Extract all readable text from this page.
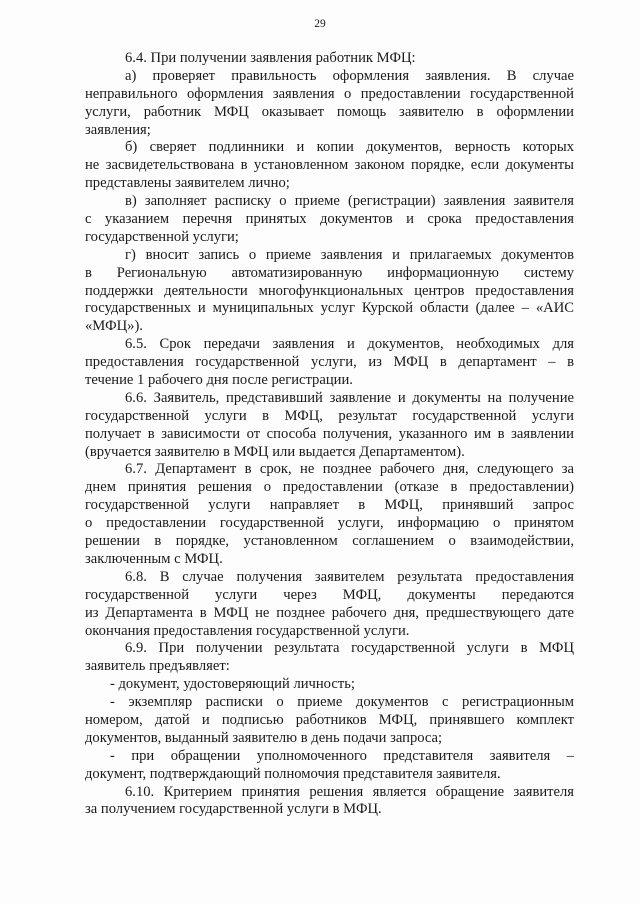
29
6.4. При получении заявления работник МФЦ:
а) проверяет правильность оформления заявления. В случае
неправильного оформления заявления о предоставлении государственной
услуги, работник МФЦ оказывает помощь заявителю в оформлении
заявления;
б) сверяет подлинники и копии документов, верность которых
не засвидетельствована в установленном законом порядке, если документы
представлены заявителем лично;
в) заполняет расписку о приеме (регистрации) заявления заявителя
с указанием перечня принятых документов и срока предоставления
государственной услуги;
г) вносит запись о приеме заявления и прилагаемых документов
в Региональную автоматизированную информационную систему
поддержки деятельности многофункциональных центров предоставления
государственных и муниципальных услуг Курской области (далее – «АИС
«МФЦ»).
6.5. Срок передачи заявления и документов, необходимых для
предоставления государственной услуги, из МФЦ в департамент – в
течение 1 рабочего дня после регистрации.
6.6. Заявитель, представивший заявление и документы на получение
государственной услуги в МФЦ, результат государственной услуги
получает в зависимости от способа получения, указанного им в заявлении
(вручается заявителю в МФЦ или выдается Департаментом).
6.7. Департамент в срок, не позднее рабочего дня, следующего за
днем принятия решения о предоставлении (отказе в предоставлении)
государственной услуги направляет в МФЦ, принявший запрос
о предоставлении государственной услуги, информацию о принятом
решении в порядке, установленном соглашением о взаимодействии,
заключенным с МФЦ.
6.8. В случае получения заявителем результата предоставления
государственной услуги через МФЦ, документы передаются
из Департамента в МФЦ не позднее рабочего дня, предшествующего дате
окончания предоставления государственной услуги.
6.9. При получении результата государственной услуги в МФЦ
заявитель предъявляет:
- документ, удостоверяющий личность;
- экземпляр расписки о приеме документов с регистрационным
номером, датой и подписью работников МФЦ, принявшего комплект
документов, выданный заявителю в день подачи запроса;
- при обращении уполномоченного представителя заявителя –
документ, подтверждающий полномочия представителя заявителя.
6.10. Критерием принятия решения является обращение заявителя
за получением государственной услуги в МФЦ.
